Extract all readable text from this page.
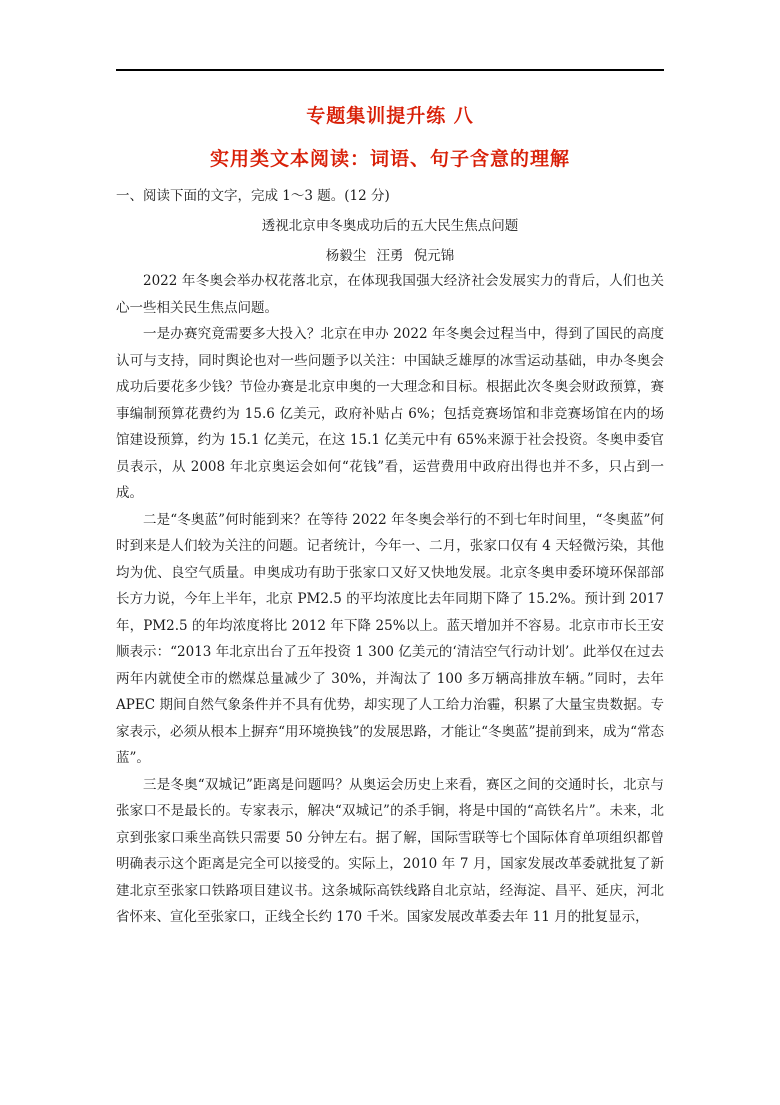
专题集训提升练 八
实用类文本阅读：词语、句子含意的理解
一、阅读下面的文字，完成 1～3 题。(12 分)
透视北京申冬奥成功后的五大民生焦点问题
杨毅尘 汪勇 倪元锦

2022 年冬奥会举办权花落北京，在体现我国强大经济社会发展实力的背后，人们也关心一些相关民生焦点问题。

一是办赛究竟需要多大投入？北京在申办 2022 年冬奥会过程当中，得到了国民的高度认可与支持，同时舆论也对一些问题予以关注：中国缺乏雄厚的冰雪运动基础，申办冬奥会成功后要花多少钱？节俭办赛是北京申奥的一大理念和目标。根据此次冬奥会财政预算，赛事编制预算花费约为 15.6 亿美元，政府补贴占 6%；包括竞赛场馆和非竞赛场馆在内的场馆建设预算，约为 15.1 亿美元，在这 15.1 亿美元中有 65%来源于社会投资。冬奥申委官员表示，从 2008 年北京奥运会如何“花钱”看，运营费用中政府出得也并不多，只占到一成。

二是“冬奥蓝”何时能到来？在等待 2022 年冬奥会举行的不到七年时间里，“冬奥蓝”何时到来是人们较为关注的问题。记者统计，今年一、二月，张家口仅有 4 天轻微污染，其他均为优、良空气质量。申奥成功有助于张家口又好又快地发展。北京冬奥申委环境环保部部长方力说，今年上半年，北京 PM2.5 的平均浓度比去年同期下降了 15.2%。预计到 2017 年，PM2.5 的年均浓度将比 2012 年下降 25%以上。蓝天增加并不容易。北京市市长王安顺表示：“2013 年北京出台了五年投资 1 300 亿美元的‘清洁空气行动计划’。此举仅在过去两年内就使全市的燃煤总量减少了 30%，并淘汰了 100 多万辆高排放车辆。”同时，去年 APEC 期间自然气象条件并不具有优势，却实现了人工给力治霾，积累了大量宝贵数据。专家表示，必须从根本上摒弃“用环境换钱”的发展思路，才能让“冬奥蓝”提前到来，成为“常态蓝”。

三是冬奥“双城记”距离是问题吗？从奥运会历史上来看，赛区之间的交通时长，北京与张家口不是最长的。专家表示，解决“双城记”的杀手锏，将是中国的“高铁名片”。未来，北京到张家口乘坐高铁只需要 50 分钟左右。据了解，国际雪联等七个国际体育单项组织都曾明确表示这个距离是完全可以接受的。实际上，2010 年 7 月，国家发展改革委就批复了新建北京至张家口铁路项目建议书。这条城际高铁线路自北京站，经海淀、昌平、延庆，河北省怀来、宣化至张家口，正线全长约 170 千米。国家发展改革委去年 11 月的批复显示，
